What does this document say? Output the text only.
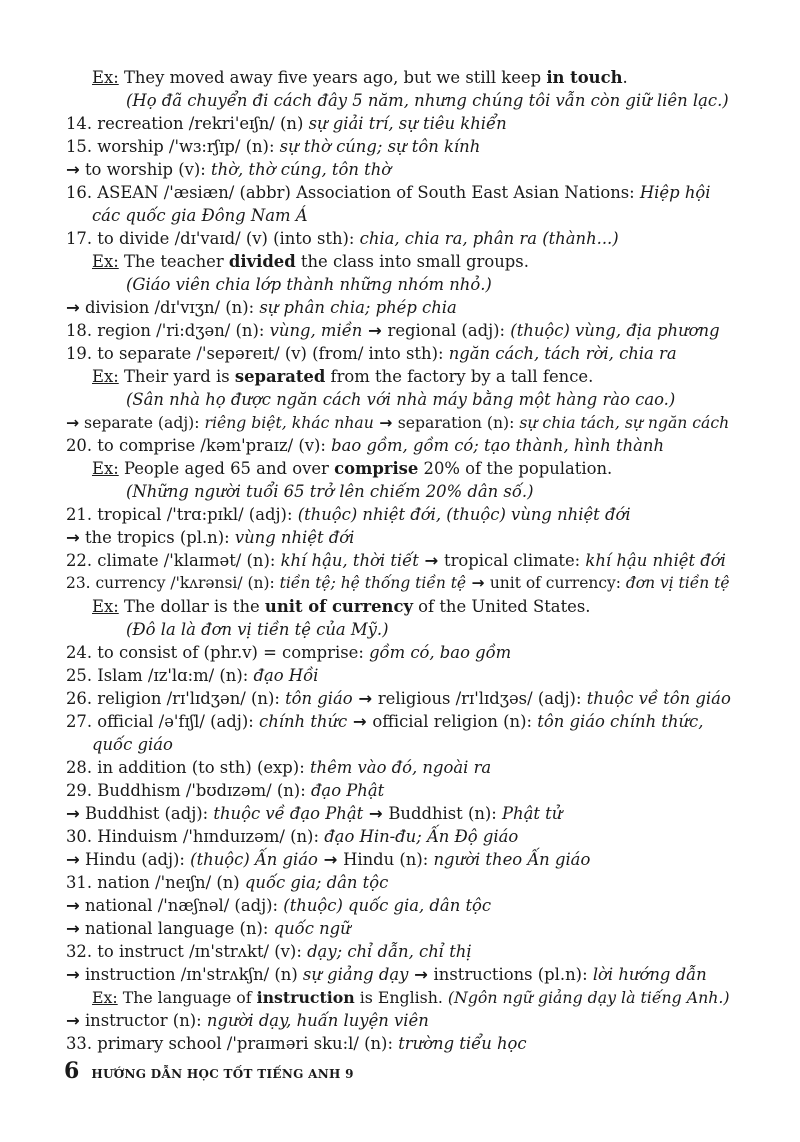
Ex: They moved away five years ago, but we still keep in touch.
(Họ đã chuyển đi cách đây 5 năm, nhưng chúng tôi vẫn còn giữ liên lạc.)
14. recreation /rekri'eɪʃn/ (n) sự giải trí, sự tiêu khiển
15. worship /'wɜ:rʃɪp/ (n): sự thờ cúng; sự tôn kính
→ to worship (v): thờ, thờ cúng, tôn thờ
16. ASEAN /'æsiæn/ (abbr) Association of South East Asian Nations: Hiệp hội
các quốc gia Đông Nam Á
17. to divide /dɪ'vaɪd/ (v) (into sth): chia, chia ra, phân ra (thành...)
Ex: The teacher divided the class into small groups.
(Giáo viên chia lớp thành những nhóm nhỏ.)
→ division /dɪ'vɪʒn/ (n): sự phân chia; phép chia
18. region /'ri:dʒən/ (n): vùng, miền → regional (adj): (thuộc) vùng, địa phương
19. to separate /'sepəreɪt/ (v) (from/ into sth): ngăn cách, tách rời, chia ra
Ex: Their yard is separated from the factory by a tall fence.
(Sân nhà họ được ngăn cách với nhà máy bằng một hàng rào cao.)
→ separate (adj): riêng biệt, khác nhau → separation (n): sự chia tách, sự ngăn cách
20. to comprise /kəm'praɪz/ (v): bao gồm, gồm có; tạo thành, hình thành
Ex: People aged 65 and over comprise 20% of the population.
(Những người tuổi 65 trở lên chiếm 20% dân số.)
21. tropical /'trɑ:pɪkl/ (adj): (thuộc) nhiệt đới, (thuộc) vùng nhiệt đới
→ the tropics (pl.n): vùng nhiệt đới
22. climate /'klaɪmət/ (n): khí hậu, thời tiết → tropical climate: khí hậu nhiệt đới
23. currency /'kʌrənsi/ (n): tiền tệ; hệ thống tiền tệ → unit of currency: đơn vị tiền tệ
Ex: The dollar is the unit of currency of the United States.
(Đô la là đơn vị tiền tệ của Mỹ.)
24. to consist of (phr.v) = comprise: gồm có, bao gồm
25. Islam /ɪz'lɑ:m/ (n): đạo Hồi
26. religion /rɪ'lɪdʒən/ (n): tôn giáo → religious /rɪ'lɪdʒəs/ (adj): thuộc về tôn giáo
27. official /ə'fɪʃl/ (adj): chính thức → official religion (n): tôn giáo chính thức,
quốc giáo
28. in addition (to sth) (exp): thêm vào đó, ngoài ra
29. Buddhism /'bʊdɪzəm/ (n): đạo Phật
→ Buddhist (adj): thuộc về đạo Phật → Buddhist (n): Phật tử
30. Hinduism /'hɪnduɪzəm/ (n): đạo Hin-đu; Ấn Độ giáo
→ Hindu (adj): (thuộc) Ấn giáo → Hindu (n): người theo Ấn giáo
31. nation /'neɪʃn/ (n) quốc gia; dân tộc
→ national /'næʃnəl/ (adj): (thuộc) quốc gia, dân tộc
→ national language (n): quốc ngữ
32. to instruct /ɪn'strʌkt/ (v): dạy; chỉ dẫn, chỉ thị
→ instruction /ɪn'strʌkʃn/ (n) sự giảng dạy → instructions (pl.n): lời hướng dẫn
Ex: The language of instruction is English. (Ngôn ngữ giảng dạy là tiếng Anh.)
→ instructor (n): người dạy, huấn luyện viên
33. primary school /'praɪməri sku:l/ (n): trường tiểu học
6 HƯỚNG DẪN HỌC TỐT TIẾNG ANH 9
